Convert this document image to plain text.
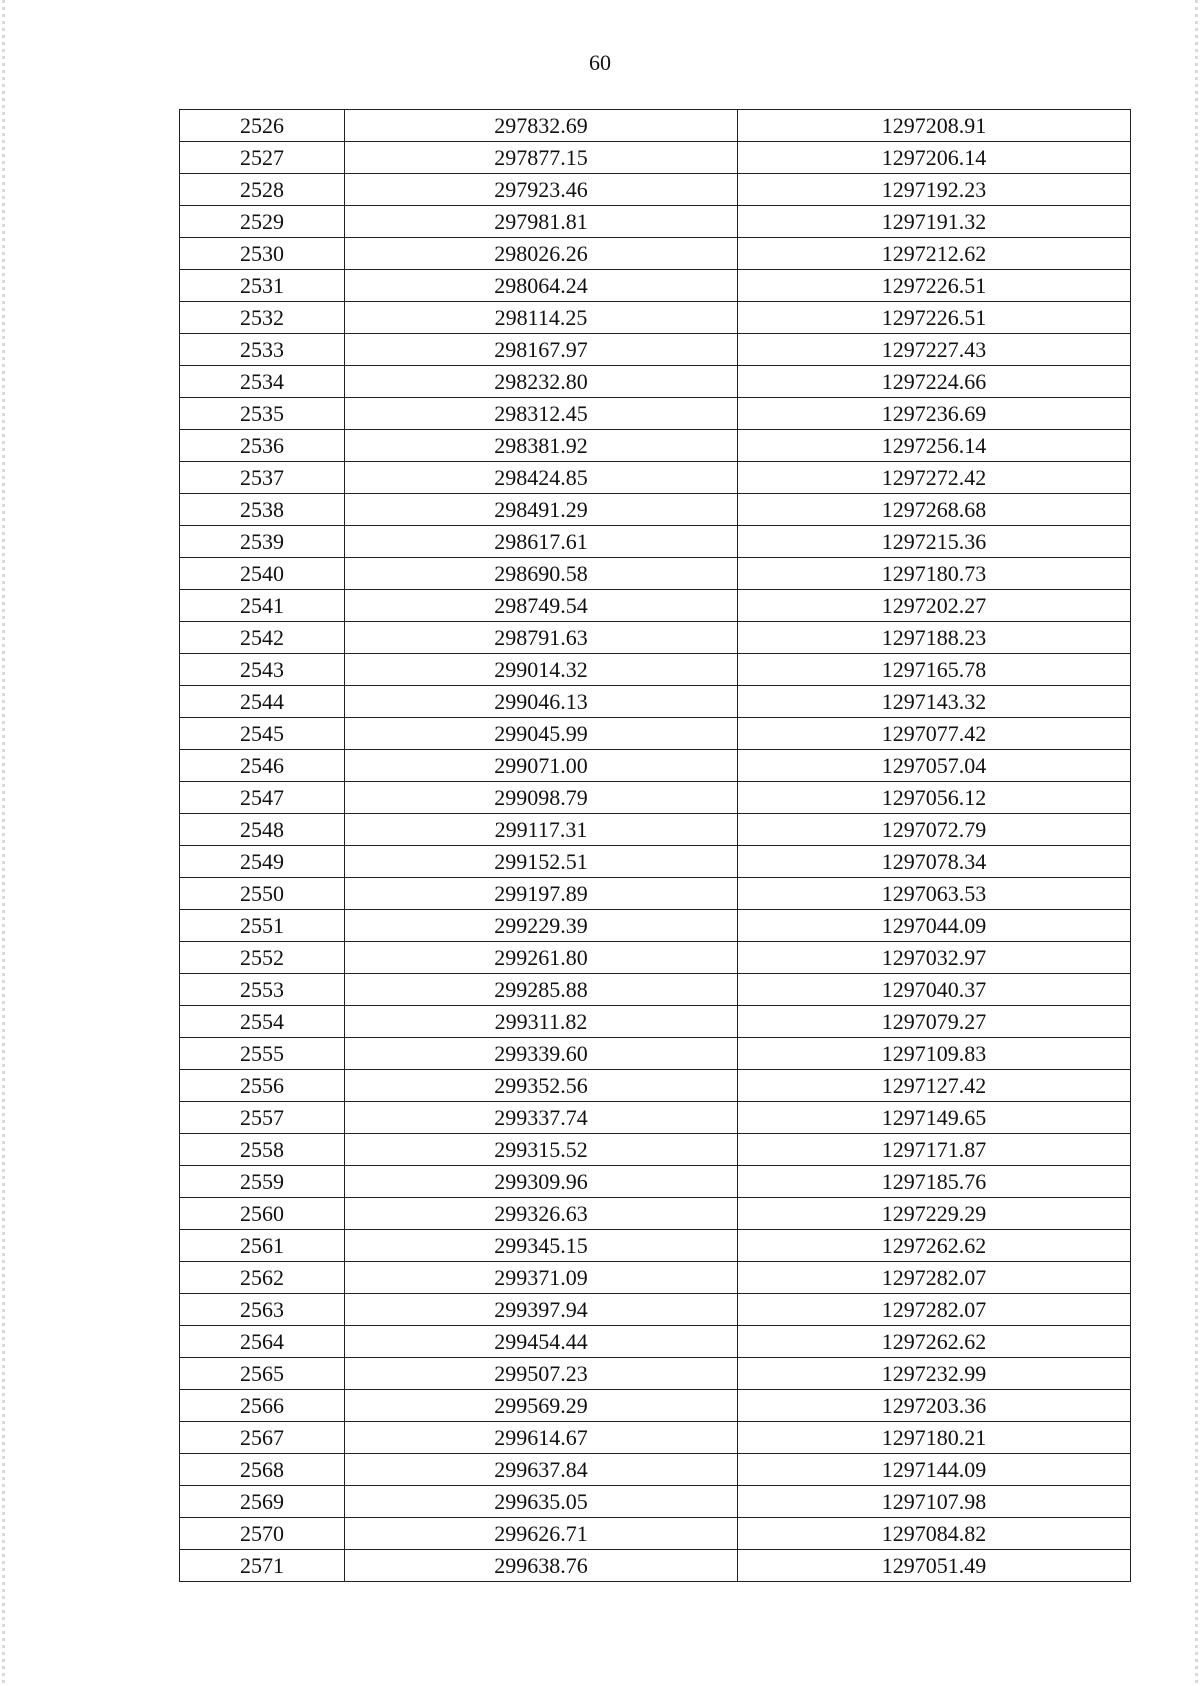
60
2526	297832.69	1297208.91
2527	297877.15	1297206.14
2528	297923.46	1297192.23
2529	297981.81	1297191.32
2530	298026.26	1297212.62
2531	298064.24	1297226.51
2532	298114.25	1297226.51
2533	298167.97	1297227.43
2534	298232.80	1297224.66
2535	298312.45	1297236.69
2536	298381.92	1297256.14
2537	298424.85	1297272.42
2538	298491.29	1297268.68
2539	298617.61	1297215.36
2540	298690.58	1297180.73
2541	298749.54	1297202.27
2542	298791.63	1297188.23
2543	299014.32	1297165.78
2544	299046.13	1297143.32
2545	299045.99	1297077.42
2546	299071.00	1297057.04
2547	299098.79	1297056.12
2548	299117.31	1297072.79
2549	299152.51	1297078.34
2550	299197.89	1297063.53
2551	299229.39	1297044.09
2552	299261.80	1297032.97
2553	299285.88	1297040.37
2554	299311.82	1297079.27
2555	299339.60	1297109.83
2556	299352.56	1297127.42
2557	299337.74	1297149.65
2558	299315.52	1297171.87
2559	299309.96	1297185.76
2560	299326.63	1297229.29
2561	299345.15	1297262.62
2562	299371.09	1297282.07
2563	299397.94	1297282.07
2564	299454.44	1297262.62
2565	299507.23	1297232.99
2566	299569.29	1297203.36
2567	299614.67	1297180.21
2568	299637.84	1297144.09
2569	299635.05	1297107.98
2570	299626.71	1297084.82
2571	299638.76	1297051.49
